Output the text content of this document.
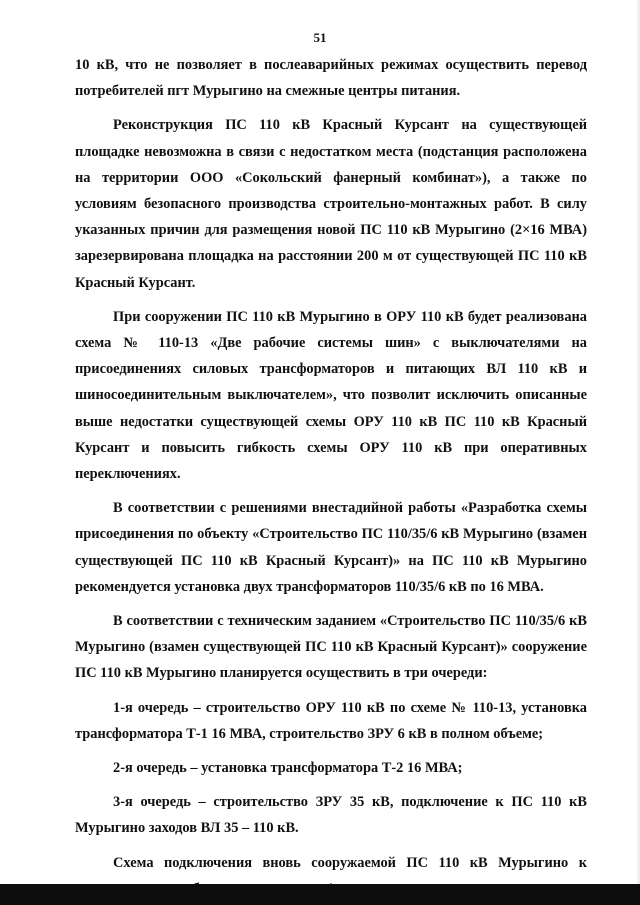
51

10 кВ, что не позволяет в послеаварийных режимах осуществить перевод потребителей пгт Мурыгино на смежные центры питания.

Реконструкция ПС 110 кВ Красный Курсант на существующей площадке невозможна в связи с недостатком места (подстанция расположена на территории ООО «Сокольский фанерный комбинат»), а также по условиям безопасного производства строительно-монтажных работ. В силу указанных причин для размещения новой ПС 110 кВ Мурыгино (2×16 МВА) зарезервирована площадка на расстоянии 200 м от существующей ПС 110 кВ Красный Курсант.

При сооружении ПС 110 кВ Мурыгино в ОРУ 110 кВ будет реализована схема № 110-13 «Две рабочие системы шин» с выключателями на присоединениях силовых трансформаторов и питающих ВЛ 110 кВ и шиносоединительным выключателем», что позволит исключить описанные выше недостатки существующей схемы ОРУ 110 кВ ПС 110 кВ Красный Курсант и повысить гибкость схемы ОРУ 110 кВ при оперативных переключениях.

В соответствии с решениями внестадийной работы «Разработка схемы присоединения по объекту «Строительство ПС 110/35/6 кВ Мурыгино (взамен существующей ПС 110 кВ Красный Курсант)» на ПС 110 кВ Мурыгино рекомендуется установка двух трансформаторов 110/35/6 кВ по 16 МВА.

В соответствии с техническим заданием «Строительство ПС 110/35/6 кВ Мурыгино (взамен существующей ПС 110 кВ Красный Курсант)» сооружение ПС 110 кВ Мурыгино планируется осуществить в три очереди:

1-я очередь – строительство ОРУ 110 кВ по схеме № 110-13, установка трансформатора Т-1 16 МВА, строительство ЗРУ 6 кВ в полном объеме;

2-я очередь – установка трансформатора Т-2 16 МВА;

3-я очередь – строительство ЗРУ 35 кВ, подключение к ПС 110 кВ Мурыгино заходов ВЛ 35 – 110 кВ.

Схема подключения вновь сооружаемой ПС 110 кВ Мурыгино к
